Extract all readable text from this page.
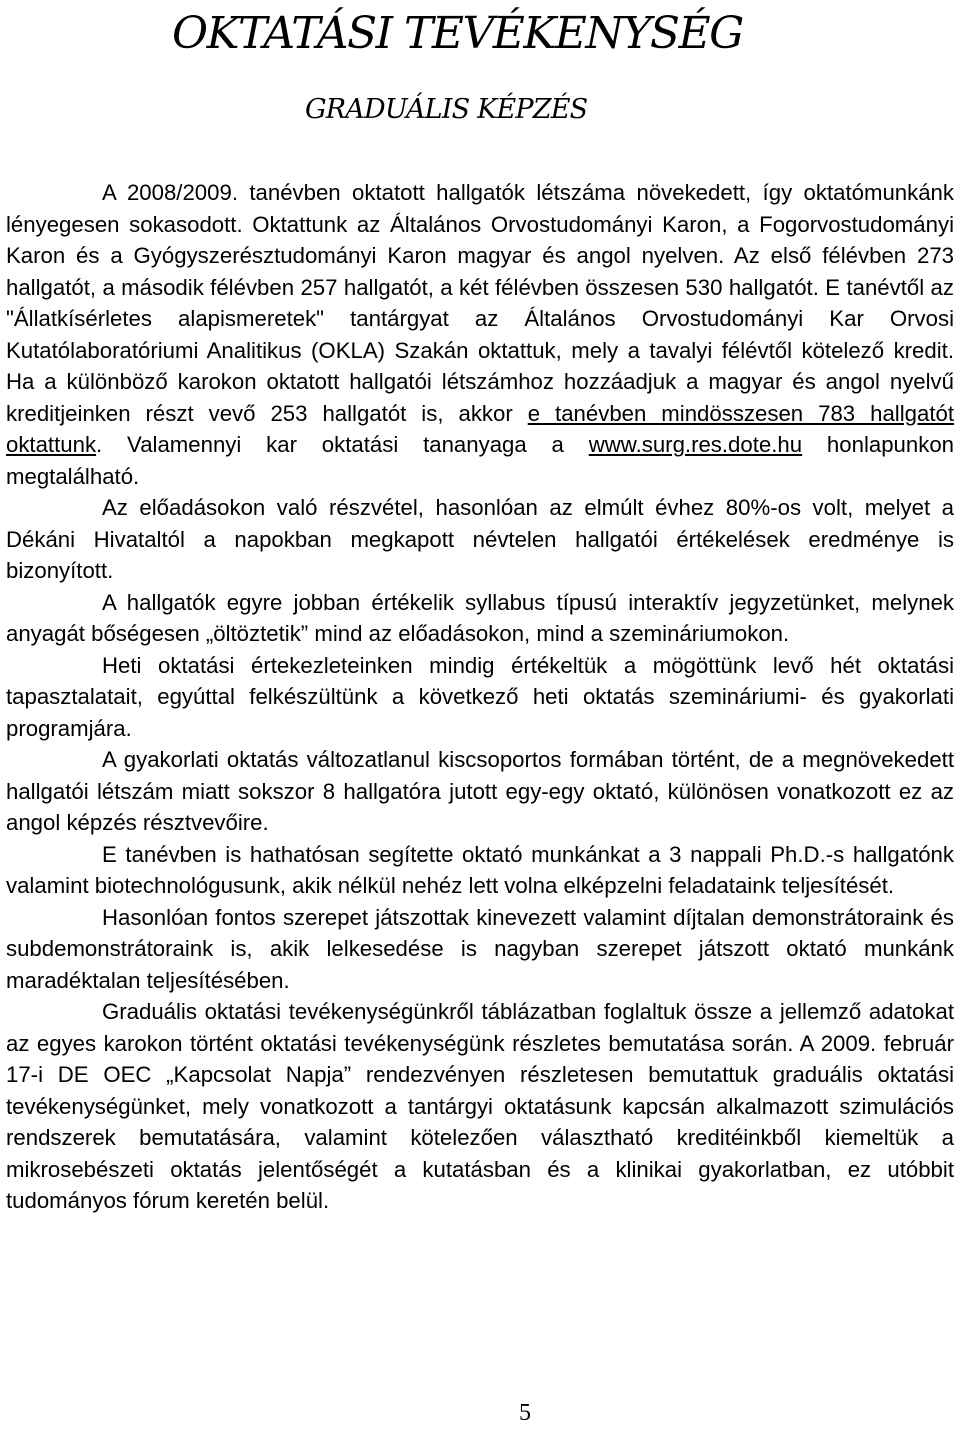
OKTATÁSI TEVÉKENYSÉG
GRADUÁLIS KÉPZÉS

A 2008/2009. tanévben oktatott hallgatók létszáma növekedett, így oktatómunkánk lényegesen sokasodott. Oktattunk az Általános Orvostudományi Karon, a Fogorvostudományi Karon és a Gyógyszerésztudományi Karon magyar és angol nyelven. Az első félévben 273 hallgatót, a második félévben 257 hallgatót, a két félévben összesen 530 hallgatót. E tanévtől az "Állatkísérletes alapismeretek" tantárgyat az Általános Orvostudományi Kar Orvosi Kutatólaboratóriumi Analitikus (OKLA) Szakán oktattuk, mely a tavalyi félévtől kötelező kredit. Ha a különböző karokon oktatott hallgatói létszámhoz hozzáadjuk a magyar és angol nyelvű kreditjeinken részt vevő 253 hallgatót is, akkor e tanévben mindösszesen 783 hallgatót oktattunk. Valamennyi kar oktatási tananyaga a www.surg.res.dote.hu honlapunkon megtalálható.

Az előadásokon való részvétel, hasonlóan az elmúlt évhez 80%-os volt, melyet a Dékáni Hivataltól a napokban megkapott névtelen hallgatói értékelések eredménye is bizonyított.

A hallgatók egyre jobban értékelik syllabus típusú interaktív jegyzetünket, melynek anyagát bőségesen „öltöztetik” mind az előadásokon, mind a szemináriumokon.

Heti oktatási értekezleteinken mindig értékeltük a mögöttünk levő hét oktatási tapasztalatait, egyúttal felkészültünk a következő heti oktatás szemináriumi- és gyakorlati programjára.

A gyakorlati oktatás változatlanul kiscsoportos formában történt, de a megnövekedett hallgatói létszám miatt sokszor 8 hallgatóra jutott egy-egy oktató, különösen vonatkozott ez az angol képzés résztvevőire.

E tanévben is hathatósan segítette oktató munkánkat a 3 nappali Ph.D.-s hallgatónk valamint biotechnológusunk, akik nélkül nehéz lett volna elképzelni feladataink teljesítését.

Hasonlóan fontos szerepet játszottak kinevezett valamint díjtalan demonstrátoraink és subdemonstrátoraink is, akik lelkesedése is nagyban szerepet játszott oktató munkánk maradéktalan teljesítésében.

Graduális oktatási tevékenységünkről táblázatban foglaltuk össze a jellemző adatokat az egyes karokon történt oktatási tevékenységünk részletes bemutatása során. A 2009. február 17-i DE OEC „Kapcsolat Napja” rendezvényen részletesen bemutattuk graduális oktatási tevékenységünket, mely vonatkozott a tantárgyi oktatásunk kapcsán alkalmazott szimulációs rendszerek bemutatására, valamint kötelezően választható kreditéinkből kiemeltük a mikrosebészeti oktatás jelentőségét a kutatásban és a klinikai gyakorlatban, ez utóbbit tudományos fórum keretén belül.

5
